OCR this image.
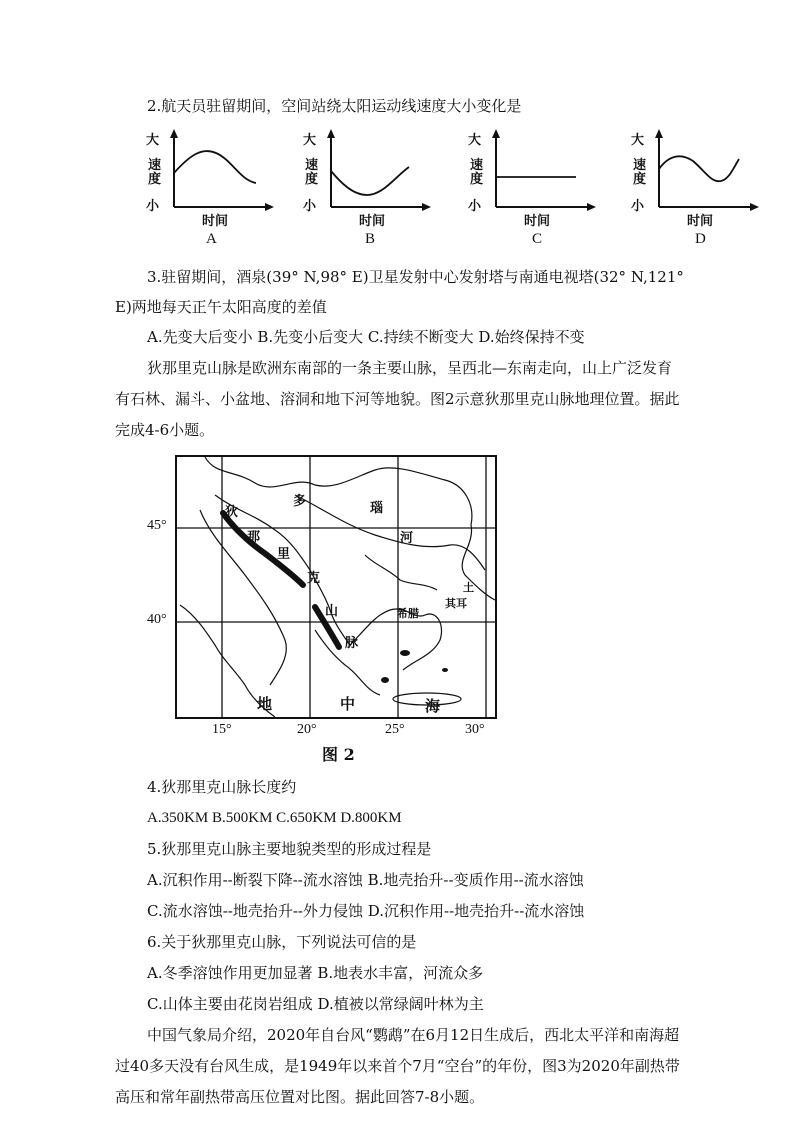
2.航天员驻留期间，空间站绕太阳运动线速度大小变化是
大
速度
小
时间
A
大
速度
小
时间
B
大
速度
小
时间
C
大
速度
小
时间
D
3.驻留期间，酒泉(39° N,98° E)卫星发射中心发射塔与南通电视塔(32° N,121°
E)两地每天正午太阳高度的差值
A.先变大后变小 B.先变小后变大 C.持续不断变大 D.始终保持不变
狄那里克山脉是欧洲东南部的一条主要山脉，呈西北—东南走向，山上广泛发育
有石林、漏斗、小盆地、溶洞和地下河等地貌。图2示意狄那里克山脉地理位置。据此
完成4-6小题。
狄
那
里
克
山
脉
多	瑙
河
地	中	海
土
其耳
希腊
45°
40°
15°	20°	25°	30°
图 2
4.狄那里克山脉长度约
A.350KM B.500KM C.650KM D.800KM
5.狄那里克山脉主要地貌类型的形成过程是
A.沉积作用--断裂下降--流水溶蚀 B.地壳抬升--变质作用--流水溶蚀
C.流水溶蚀--地壳抬升--外力侵蚀 D.沉积作用--地壳抬升--流水溶蚀
6.关于狄那里克山脉，下列说法可信的是
A.冬季溶蚀作用更加显著 B.地表水丰富，河流众多
C.山体主要由花岗岩组成 D.植被以常绿阔叶林为主
中国气象局介绍，2020年自台风“鹦鹉”在6月12日生成后，西北太平洋和南海超
过40多天没有台风生成，是1949年以来首个7月“空台”的年份，图3为2020年副热带
高压和常年副热带高压位置对比图。据此回答7-8小题。
